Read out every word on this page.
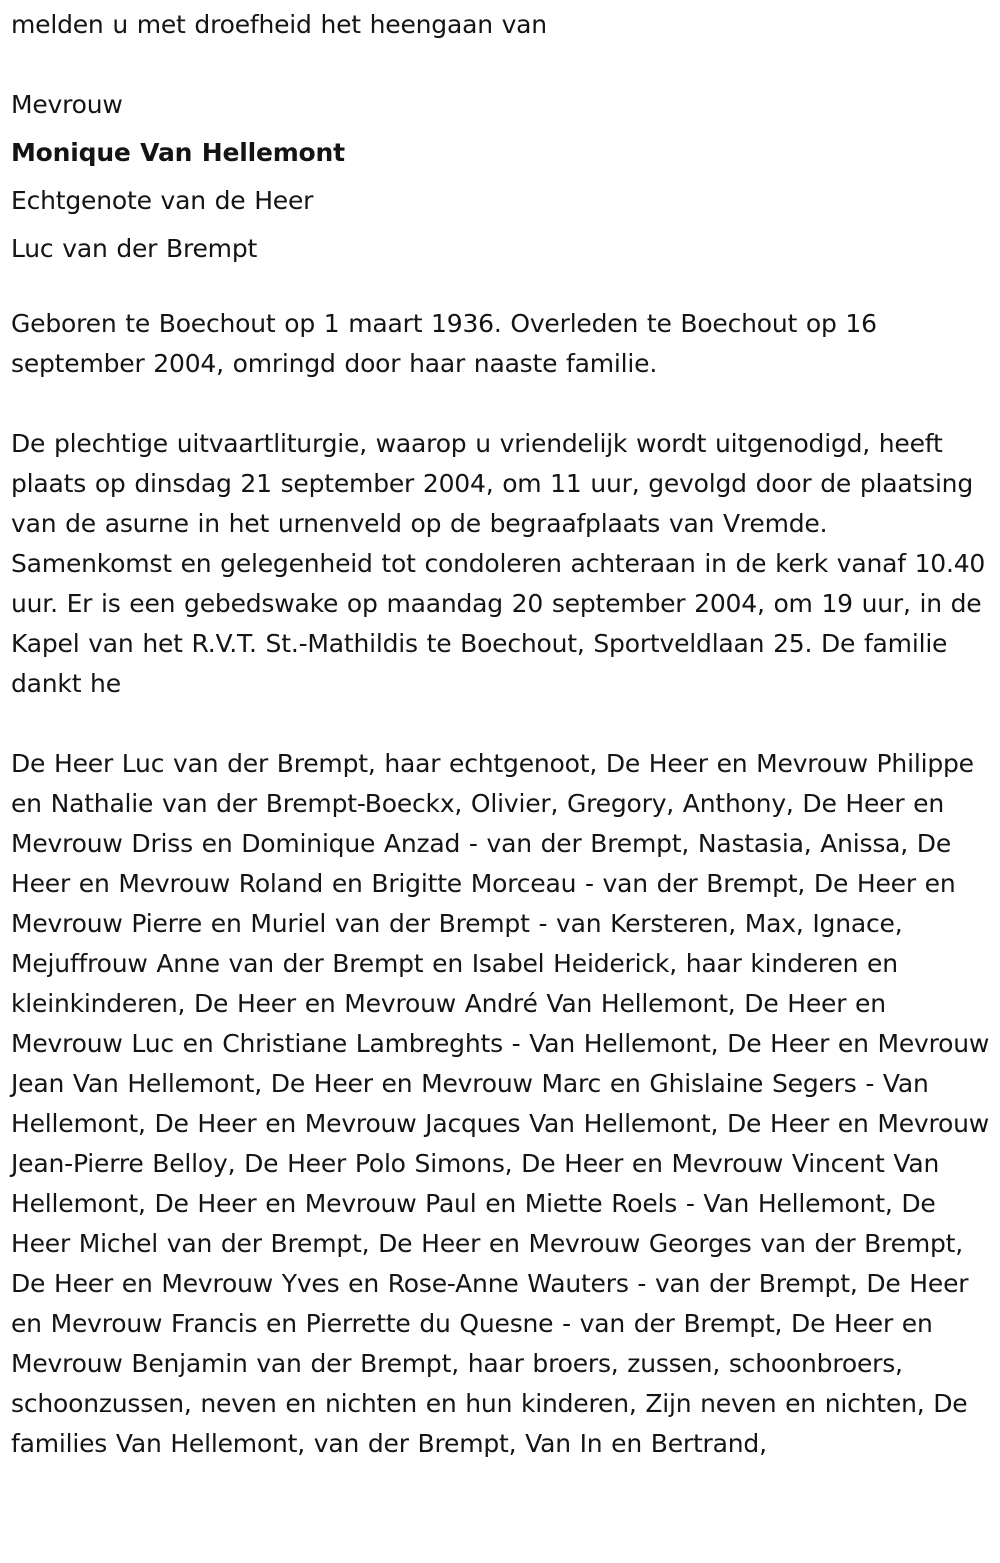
melden u met droefheid het heengaan van

Mevrouw

Monique Van Hellemont

Echtgenote van de Heer

Luc van der Brempt

Geboren te Boechout op 1 maart 1936. Overleden te Boechout op 16 september 2004, omringd door haar naaste familie.

De plechtige uitvaartliturgie, waarop u vriendelijk wordt uitgenodigd, heeft plaats op dinsdag 21 september 2004, om 11 uur, gevolgd door de plaatsing van de asurne in het urnenveld op de begraafplaats van Vremde. Samenkomst en gelegenheid tot condoleren achteraan in de kerk vanaf 10.40 uur. Er is een gebedswake op maandag 20 september 2004, om 19 uur, in de Kapel van het R.V.T. St.-Mathildis te Boechout, Sportveldlaan 25. De familie dankt he

De Heer Luc van der Brempt, haar echtgenoot, De Heer en Mevrouw Philippe en Nathalie van der Brempt-Boeckx, Olivier, Gregory, Anthony, De Heer en Mevrouw Driss en Dominique Anzad - van der Brempt, Nastasia, Anissa, De Heer en Mevrouw Roland en Brigitte Morceau - van der Brempt, De Heer en Mevrouw Pierre en Muriel van der Brempt - van Kersteren, Max, Ignace, Mejuffrouw Anne van der Brempt en Isabel Heiderick, haar kinderen en kleinkinderen, De Heer en Mevrouw André Van Hellemont, De Heer en Mevrouw Luc en Christiane Lambreghts - Van Hellemont, De Heer en Mevrouw Jean Van Hellemont, De Heer en Mevrouw Marc en Ghislaine Segers - Van Hellemont, De Heer en Mevrouw Jacques Van Hellemont, De Heer en Mevrouw Jean-Pierre Belloy, De Heer Polo Simons, De Heer en Mevrouw Vincent Van Hellemont, De Heer en Mevrouw Paul en Miette Roels - Van Hellemont, De Heer Michel van der Brempt, De Heer en Mevrouw Georges van der Brempt, De Heer en Mevrouw Yves en Rose-Anne Wauters - van der Brempt, De Heer en Mevrouw Francis en Pierrette du Quesne - van der Brempt, De Heer en Mevrouw Benjamin van der Brempt, haar broers, zussen, schoonbroers, schoonzussen, neven en nichten en hun kinderen, Zijn neven en nichten, De families Van Hellemont, van der Brempt, Van In en Bertrand,
